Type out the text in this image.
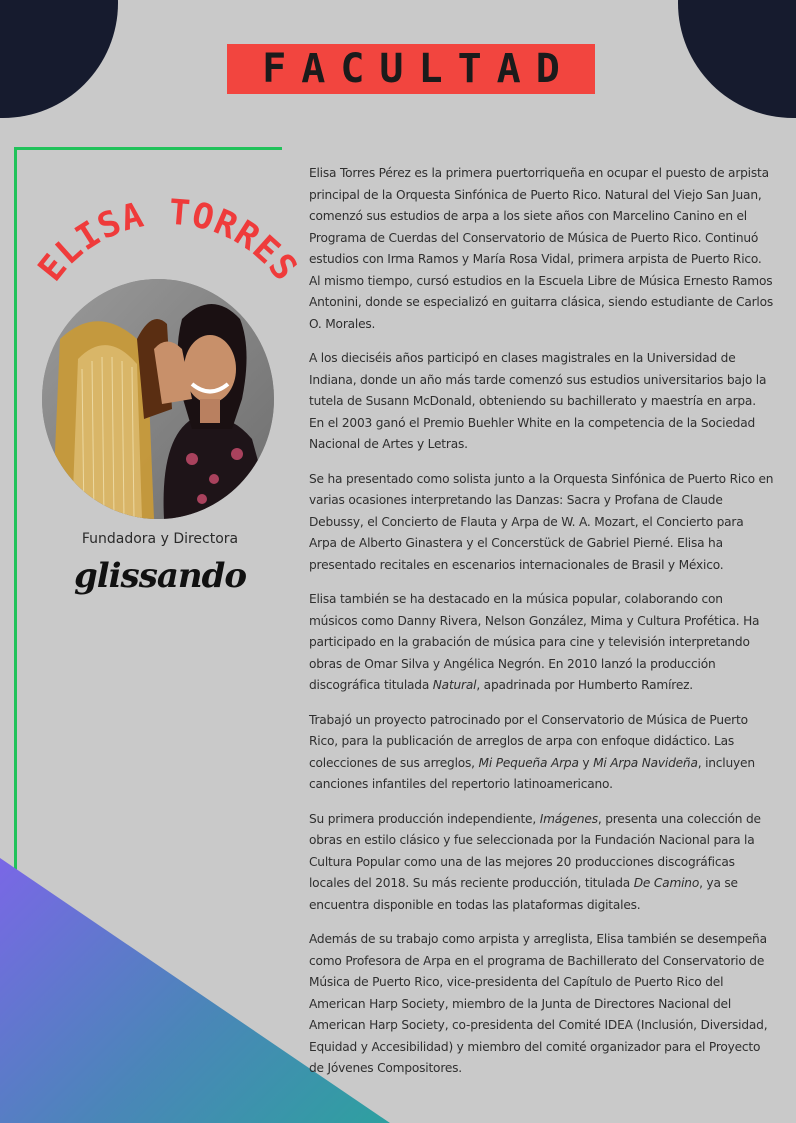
FACULTAD
ELISA TORRES
Fundadora y Directora
glissando

Elisa Torres Pérez es la primera puertorriqueña en ocupar el puesto de arpista principal de la Orquesta Sinfónica de Puerto Rico. Natural del Viejo San Juan, comenzó sus estudios de arpa a los siete años con Marcelino Canino en el Programa de Cuerdas del Conservatorio de Música de Puerto Rico. Continuó estudios con Irma Ramos y María Rosa Vidal, primera arpista de Puerto Rico. Al mismo tiempo, cursó estudios en la Escuela Libre de Música Ernesto Ramos Antonini, donde se especializó en guitarra clásica, siendo estudiante de Carlos O. Morales.

A los dieciséis años participó en clases magistrales en la Universidad de Indiana, donde un año más tarde comenzó sus estudios universitarios bajo la tutela de Susann McDonald, obteniendo su bachillerato y maestría en arpa. En el 2003 ganó el Premio Buehler White en la competencia de la Sociedad Nacional de Artes y Letras.

Se ha presentado como solista junto a la Orquesta Sinfónica de Puerto Rico en varias ocasiones interpretando las Danzas: Sacra y Profana de Claude Debussy, el Concierto de Flauta y Arpa de W. A. Mozart, el Concierto para Arpa de Alberto Ginastera y el Concerstück de Gabriel Pierné. Elisa ha presentado recitales en escenarios internacionales de Brasil y México.

Elisa también se ha destacado en la música popular, colaborando con músicos como Danny Rivera, Nelson González, Mima y Cultura Profética. Ha participado en la grabación de música para cine y televisión interpretando obras de Omar Silva y Angélica Negrón. En 2010 lanzó la producción discográfica titulada Natural, apadrinada por Humberto Ramírez.

Trabajó un proyecto patrocinado por el Conservatorio de Música de Puerto Rico, para la publicación de arreglos de arpa con enfoque didáctico. Las colecciones de sus arreglos, Mi Pequeña Arpa y Mi Arpa Navideña, incluyen canciones infantiles del repertorio latinoamericano.

Su primera producción independiente, Imágenes, presenta una colección de obras en estilo clásico y fue seleccionada por la Fundación Nacional para la Cultura Popular como una de las mejores 20 producciones discográficas locales del 2018. Su más reciente producción, titulada De Camino, ya se encuentra disponible en todas las plataformas digitales.

Además de su trabajo como arpista y arreglista, Elisa también se desempeña como Profesora de Arpa en el programa de Bachillerato del Conservatorio de Música de Puerto Rico, vice-presidenta del Capítulo de Puerto Rico del American Harp Society, miembro de la Junta de Directores Nacional del American Harp Society, co-presidenta del Comité IDEA (Inclusión, Diversidad, Equidad y Accesibilidad) y miembro del comité organizador para el Proyecto de Jóvenes Compositores.
